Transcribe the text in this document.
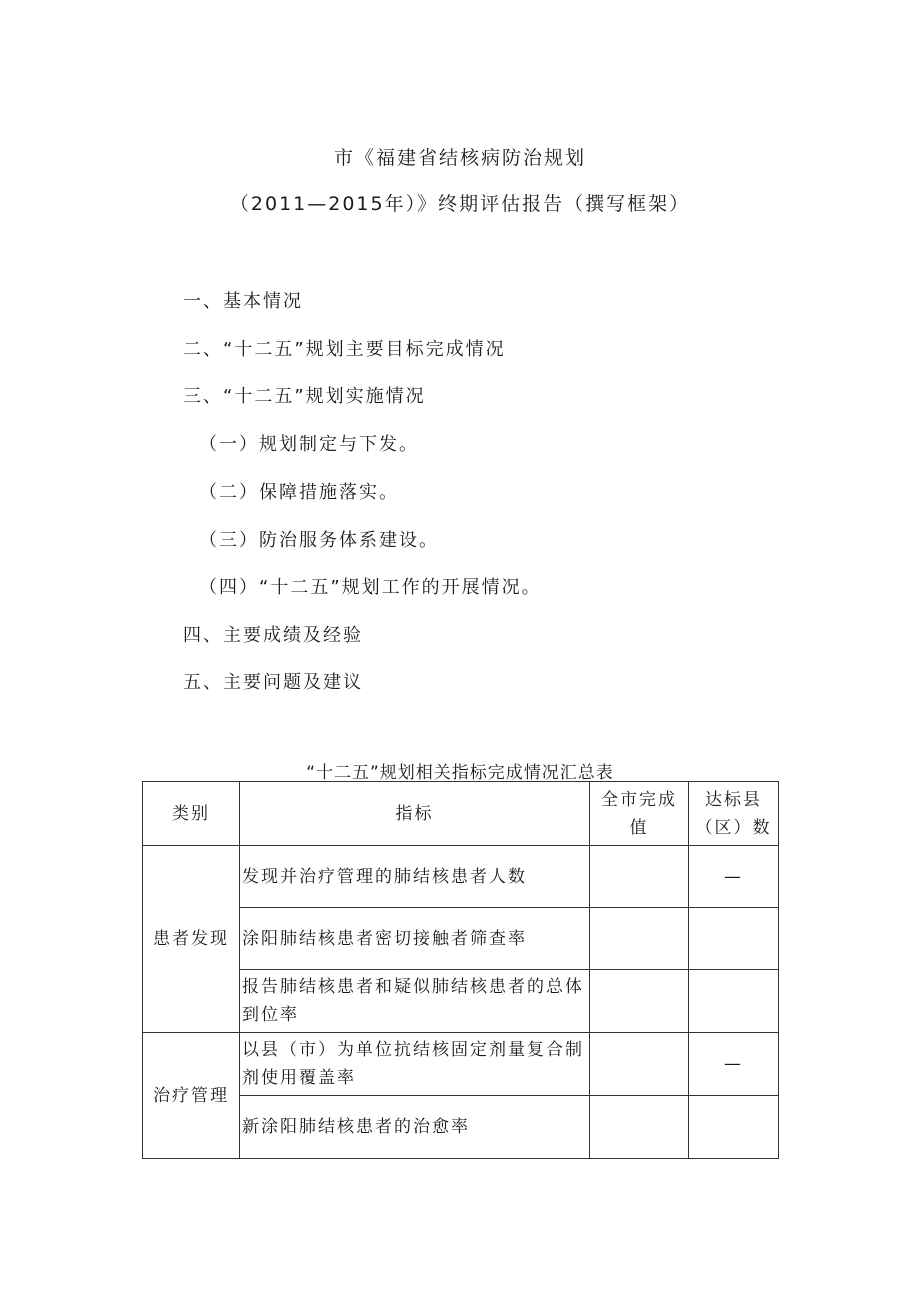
市《福建省结核病防治规划
（2011—2015年）》终期评估报告（撰写框架）
一、基本情况
二、“十二五”规划主要目标完成情况
三、“十二五”规划实施情况
（一）规划制定与下发。
（二）保障措施落实。
（三）防治服务体系建设。
（四）“十二五”规划工作的开展情况。
四、主要成绩及经验
五、主要问题及建议
“十二五”规划相关指标完成情况汇总表
类别	指标	全市完成值	达标县（区）数
患者发现	发现并治疗管理的肺结核患者人数		—
	涂阳肺结核患者密切接触者筛查率		
	报告肺结核患者和疑似肺结核患者的总体到位率		
治疗管理	以县（市）为单位抗结核固定剂量复合制剂使用覆盖率		—
	新涂阳肺结核患者的治愈率		
